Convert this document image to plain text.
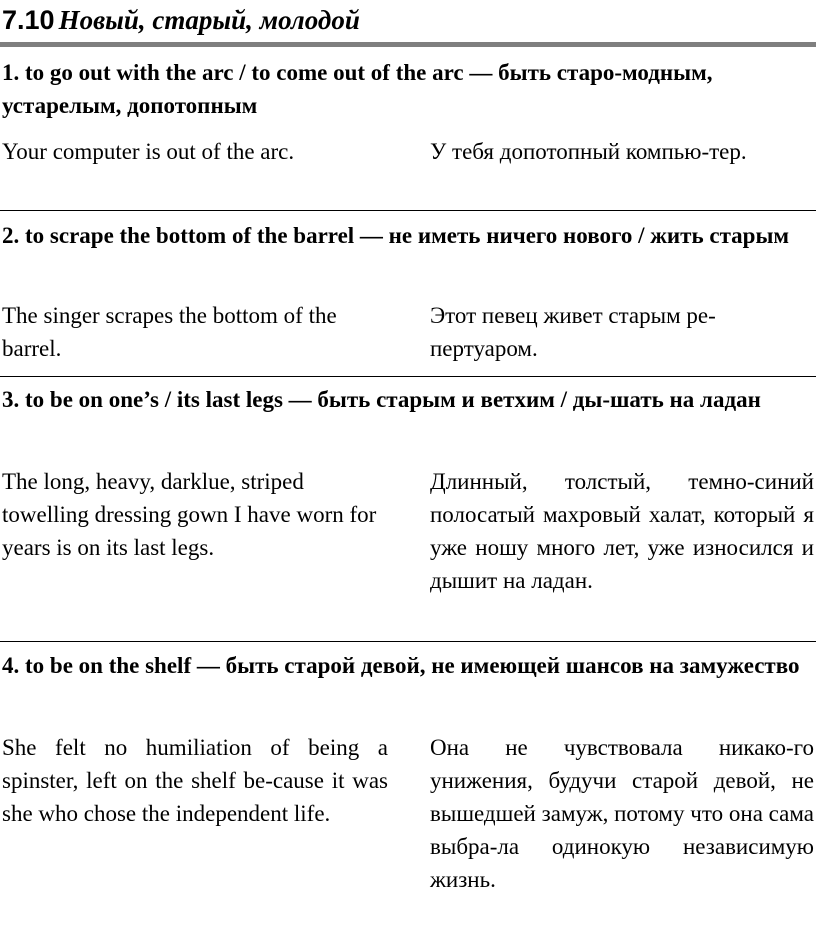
7.10 Новый, старый, молодой
1. to go out with the arc / to come out of the arc — быть старо-модным, устарелым, допотопным
Your computer is out of the arc.	У тебя допотопный компью-тер.
2. to scrape the bottom of the barrel — не иметь ничего нового / жить старым
The singer scrapes the bottom of the barrel.
Этот певец живет старым ре-пертуаром.
3. to be on one’s / its last legs — быть старым и ветхим / ды-шать на ладан
The long, heavy, darklue, striped towelling dressing gown I have worn for years is on its last legs.
Длинный, толстый, темно-синий полосатый махровый халат, который я уже ношу много лет, уже износился и дышит на ладан.
4. to be on the shelf — быть старой девой, не имеющей шансов на замужество
She felt no humiliation of being a spinster, left on the shelf be-cause it was she who chose the independent life.
Она не чувствовала никако-го унижения, будучи старой девой, не вышедшей замуж, потому что она сама выбра-ла одинокую независимую жизнь.
